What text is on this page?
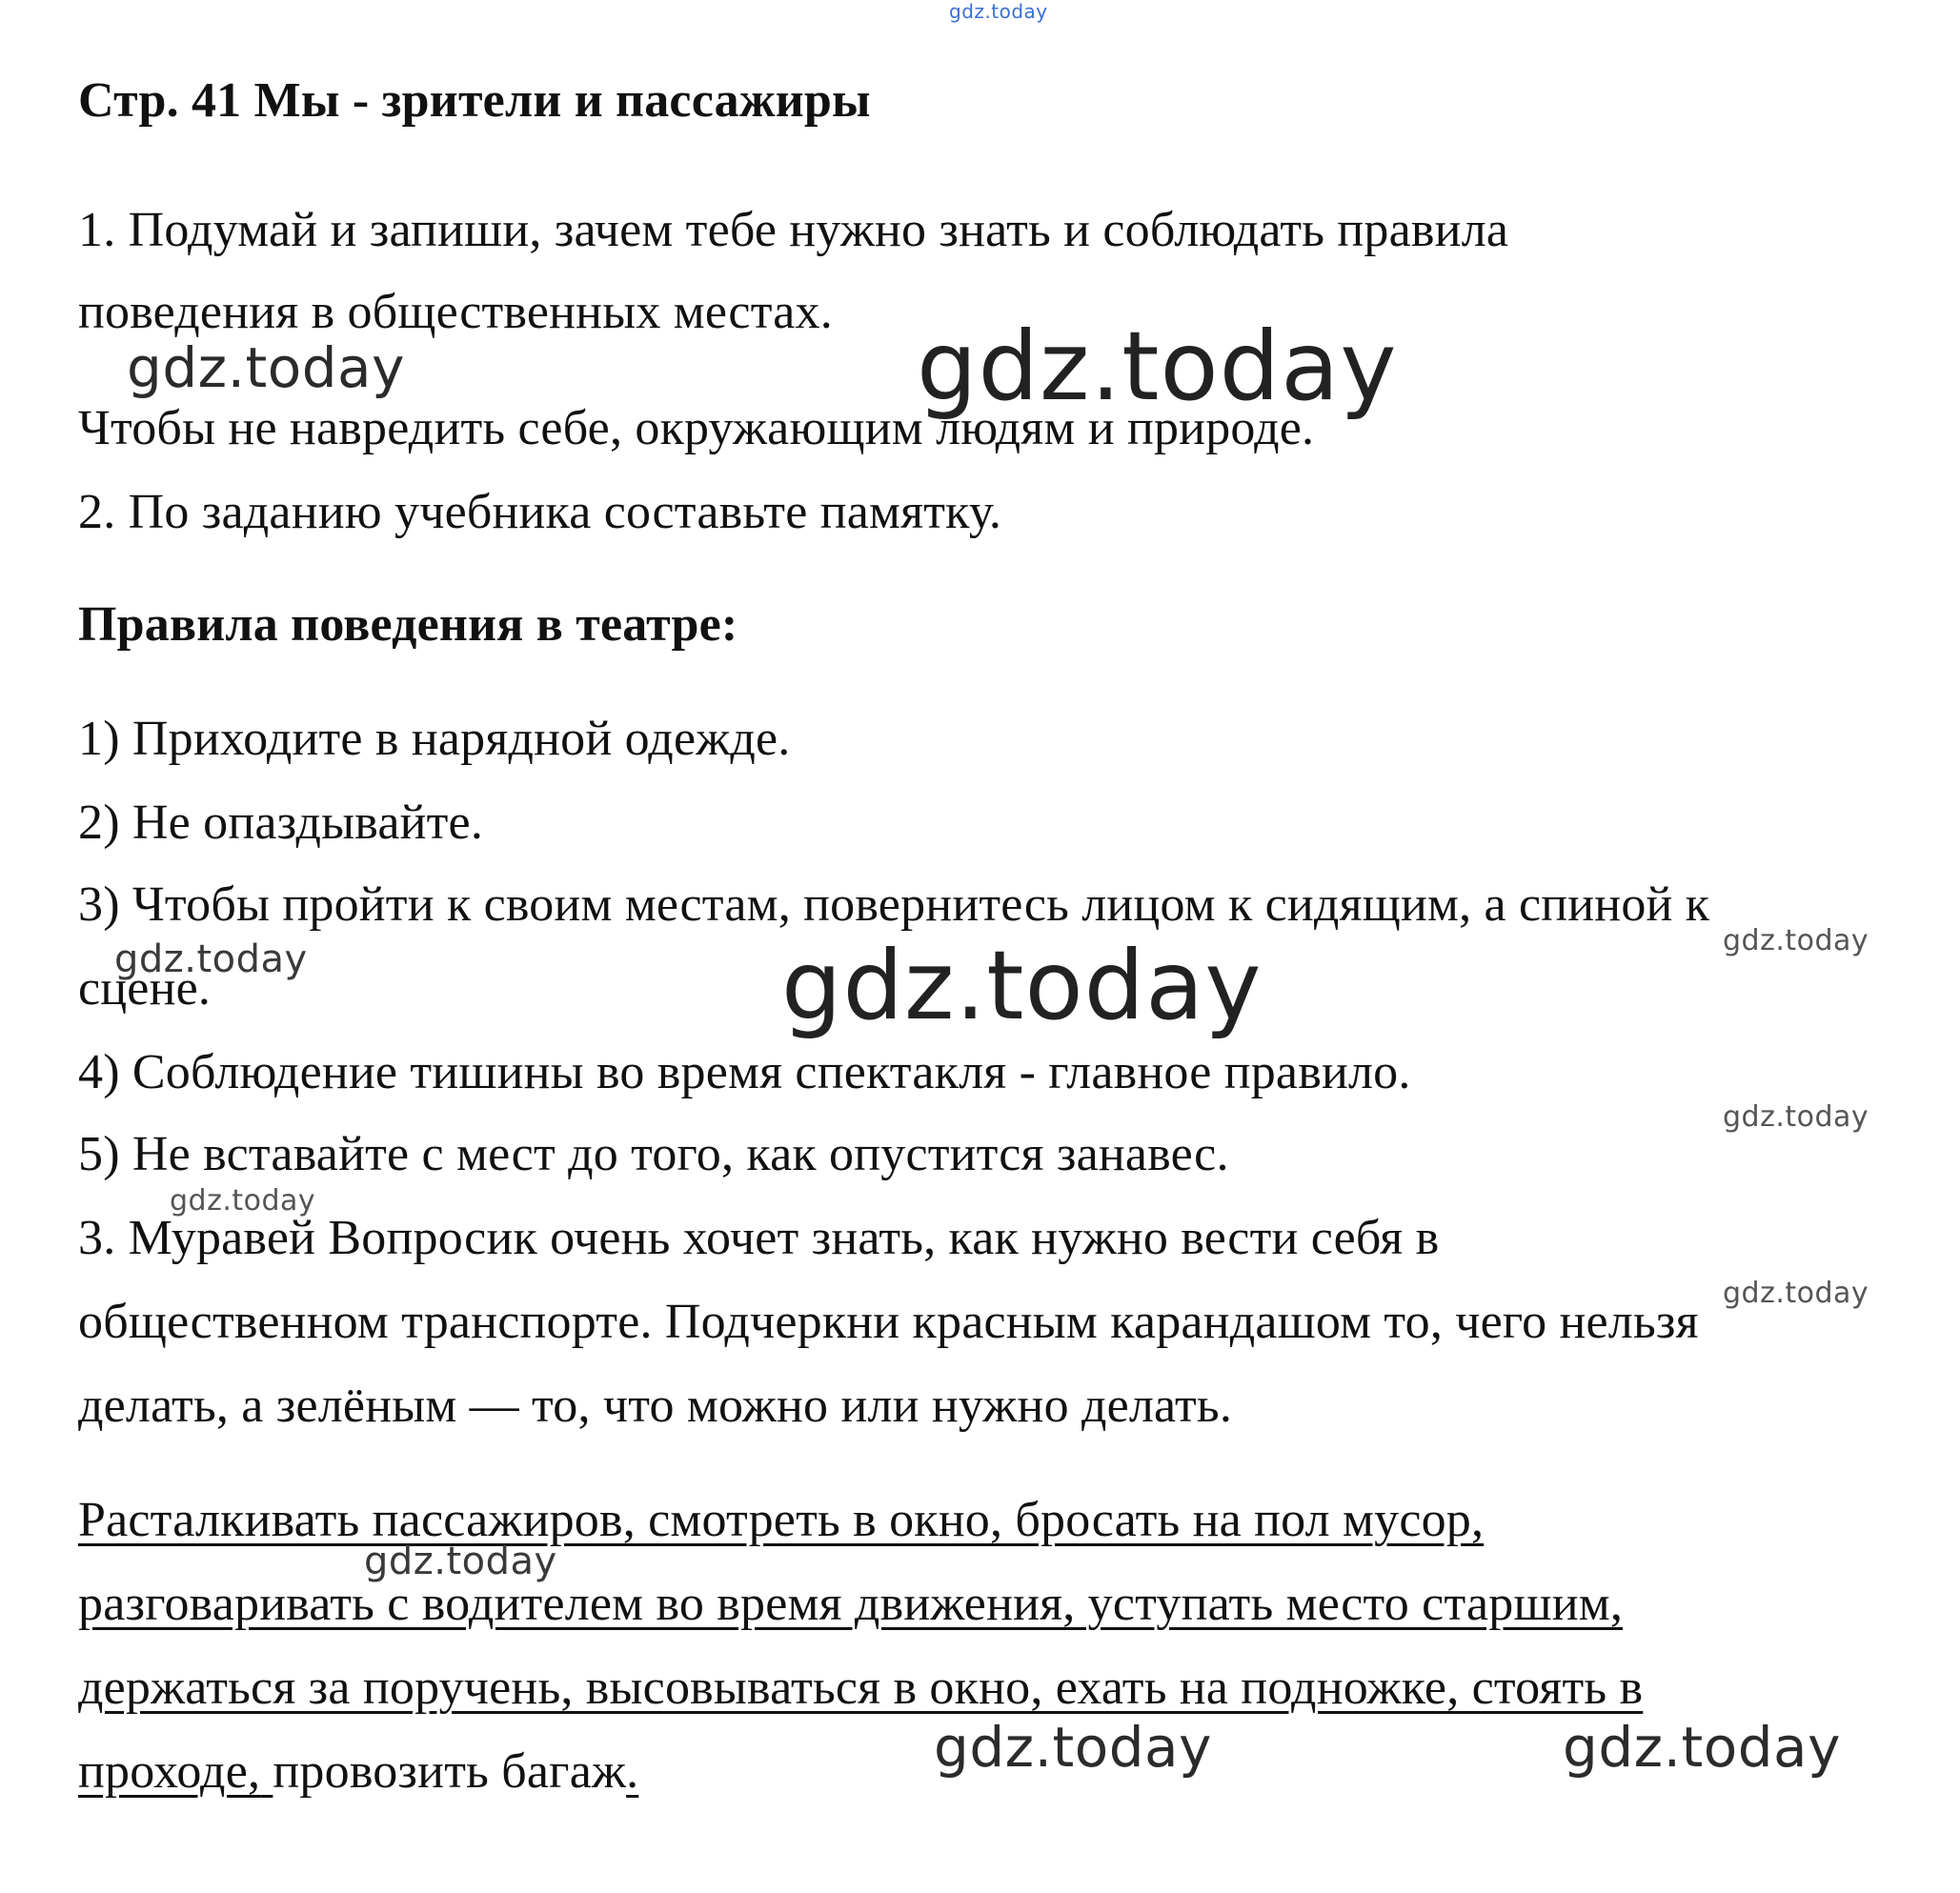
gdz.today
Стр. 41 Мы - зрители и пассажиры
1. Подумай и запиши, зачем тебе нужно знать и соблюдать правила
поведения в общественных местах.
gdz.today	gdz.today
Чтобы не навредить себе, окружающим людям и природе.
2. По заданию учебника составьте памятку.
Правила поведения в театре:
1) Приходите в нарядной одежде.
2) Не опаздывайте.
3) Чтобы пройти к своим местам, повернитесь лицом к сидящим, а спиной к
gdz.today	gdz.today
gdz.today
сцене.
4) Соблюдение тишины во время спектакля - главное правило.
gdz.today
5) Не вставайте с мест до того, как опустится занавес.
gdz.today
3. Муравей Вопросик очень хочет знать, как нужно вести себя в
gdz.today
общественном транспорте. Подчеркни красным карандашом то, чего нельзя
делать, а зелёным — то, что можно или нужно делать.
Расталкивать пассажиров, смотреть в окно, бросать на пол мусор,
gdz.today
разговаривать с водителем во время движения, уступать место старшим,
держаться за поручень, высовываться в окно, ехать на подножке, стоять в
gdz.today	gdz.today
проходе, провозить багаж.
